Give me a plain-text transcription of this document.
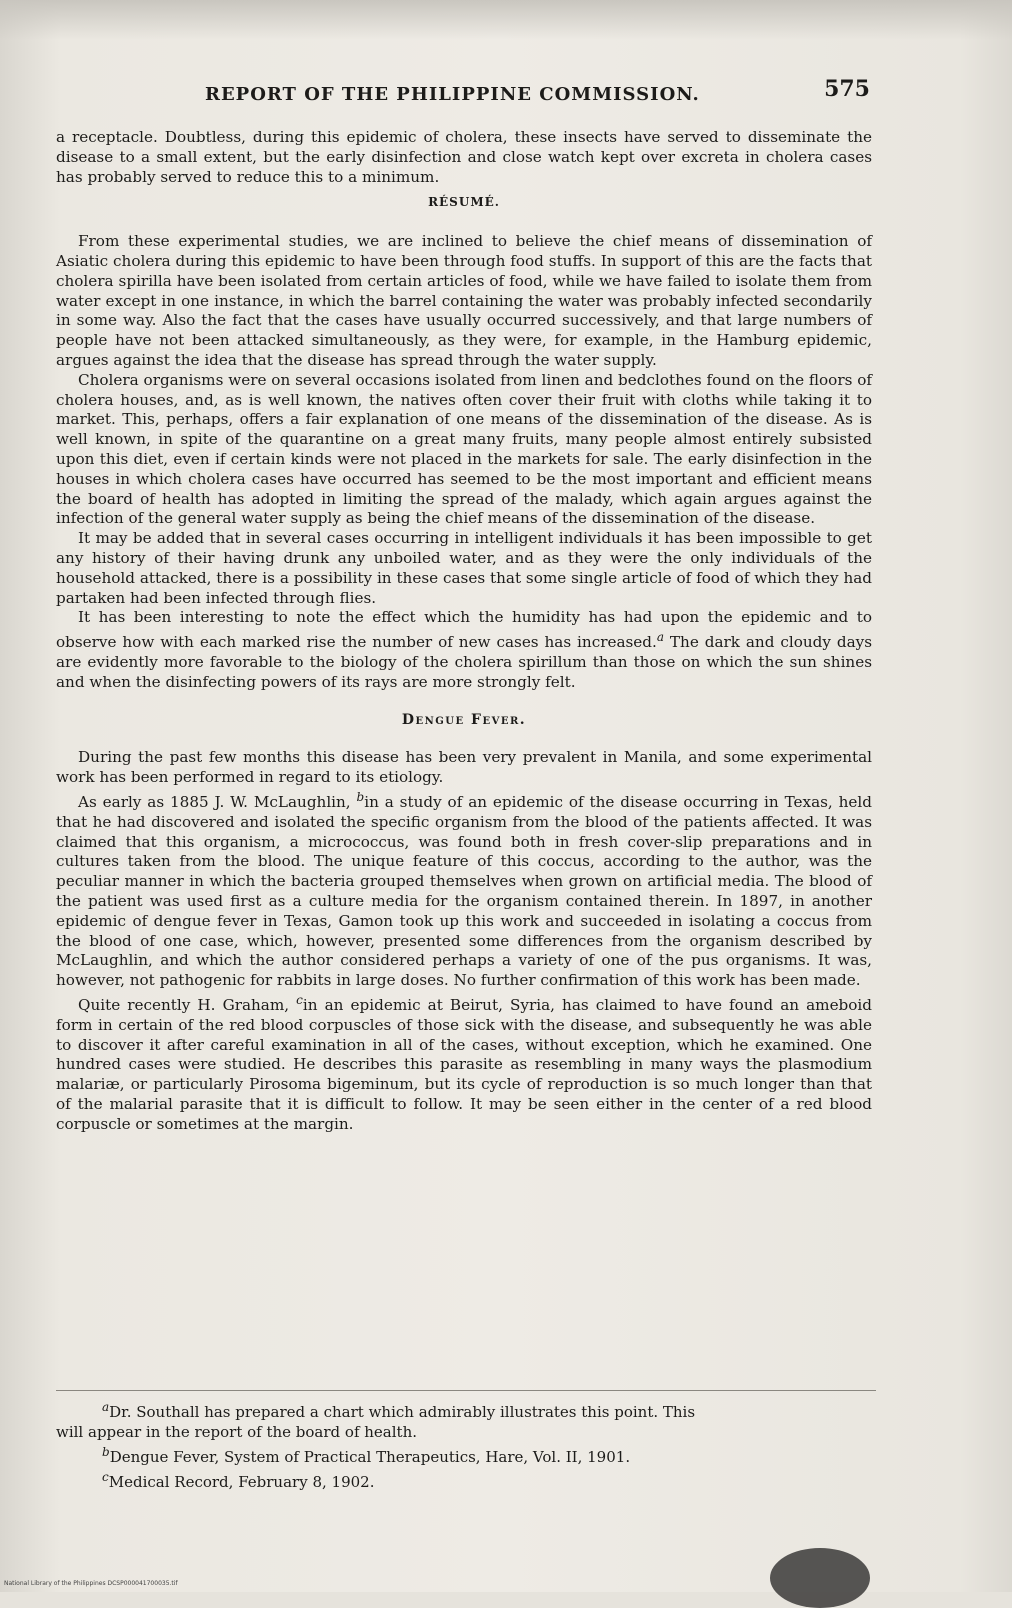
REPORT OF THE PHILIPPINE COMMISSION.	575

a receptacle. Doubtless, during this epidemic of cholera, these insects have served to disseminate the disease to a small extent, but the early disinfection and close watch kept over excreta in cholera cases has probably served to reduce this to a minimum.

RÉSUMÉ.

From these experimental studies, we are inclined to believe the chief means of dissemination of Asiatic cholera during this epidemic to have been through food stuffs. In support of this are the facts that cholera spirilla have been isolated from certain articles of food, while we have failed to isolate them from water except in one instance, in which the barrel containing the water was probably infected secondarily in some way. Also the fact that the cases have usually occurred successively, and that large numbers of people have not been attacked simultaneously, as they were, for example, in the Hamburg epidemic, argues against the idea that the disease has spread through the water supply.

Cholera organisms were on several occasions isolated from linen and bedclothes found on the floors of cholera houses, and, as is well known, the natives often cover their fruit with cloths while taking it to market. This, perhaps, offers a fair explanation of one means of the dissemination of the disease. As is well known, in spite of the quarantine on a great many fruits, many people almost entirely subsisted upon this diet, even if certain kinds were not placed in the markets for sale. The early disinfection in the houses in which cholera cases have occurred has seemed to be the most important and efficient means the board of health has adopted in limiting the spread of the malady, which again argues against the infection of the general water supply as being the chief means of the dissemination of the disease.

It may be added that in several cases occurring in intelligent individuals it has been impossible to get any history of their having drunk any unboiled water, and as they were the only individuals of the household attacked, there is a possibility in these cases that some single article of food of which they had partaken had been infected through flies.

It has been interesting to note the effect which the humidity has had upon the epidemic and to observe how with each marked rise the number of new cases has increased.$^a$ The dark and cloudy days are evidently more favorable to the biology of the cholera spirillum than those on which the sun shines and when the disinfecting powers of its rays are more strongly felt.

Dengue Fever.

During the past few months this disease has been very prevalent in Manila, and some experimental work has been performed in regard to its etiology.

As early as 1885 J. W. McLaughlin, $^b$in a study of an epidemic of the disease occurring in Texas, held that he had discovered and isolated the specific organism from the blood of the patients affected. It was claimed that this organism, a micrococcus, was found both in fresh cover-slip preparations and in cultures taken from the blood. The unique feature of this coccus, according to the author, was the peculiar manner in which the bacteria grouped themselves when grown on artificial media. The blood of the patient was used first as a culture media for the organism contained therein. In 1897, in another epidemic of dengue fever in Texas, Gamon took up this work and succeeded in isolating a coccus from the blood of one case, which, however, presented some differences from the organism described by McLaughlin, and which the author considered perhaps a variety of one of the pus organisms. It was, however, not pathogenic for rabbits in large doses. No further confirmation of this work has been made.

Quite recently H. Graham, $^c$in an epidemic at Beirut, Syria, has claimed to have found an ameboid form in certain of the red blood corpuscles of those sick with the disease, and subsequently he was able to discover it after careful examination in all of the cases, without exception, which he examined. One hundred cases were studied. He describes this parasite as resembling in many ways the plasmodium malariæ, or particularly Pirosoma bigeminum, but its cycle of reproduction is so much longer than that of the malarial parasite that it is difficult to follow. It may be seen either in the center of a red blood corpuscle or sometimes at the margin.

$^a$Dr. Southall has prepared a chart which admirably illustrates this point. This

will appear in the report of the board of health.

$^b$Dengue Fever, System of Practical Therapeutics, Hare, Vol. II, 1901.

$^c$Medical Record, February 8, 1902.

National Library of the Philippines DCSP000041700035.tif
